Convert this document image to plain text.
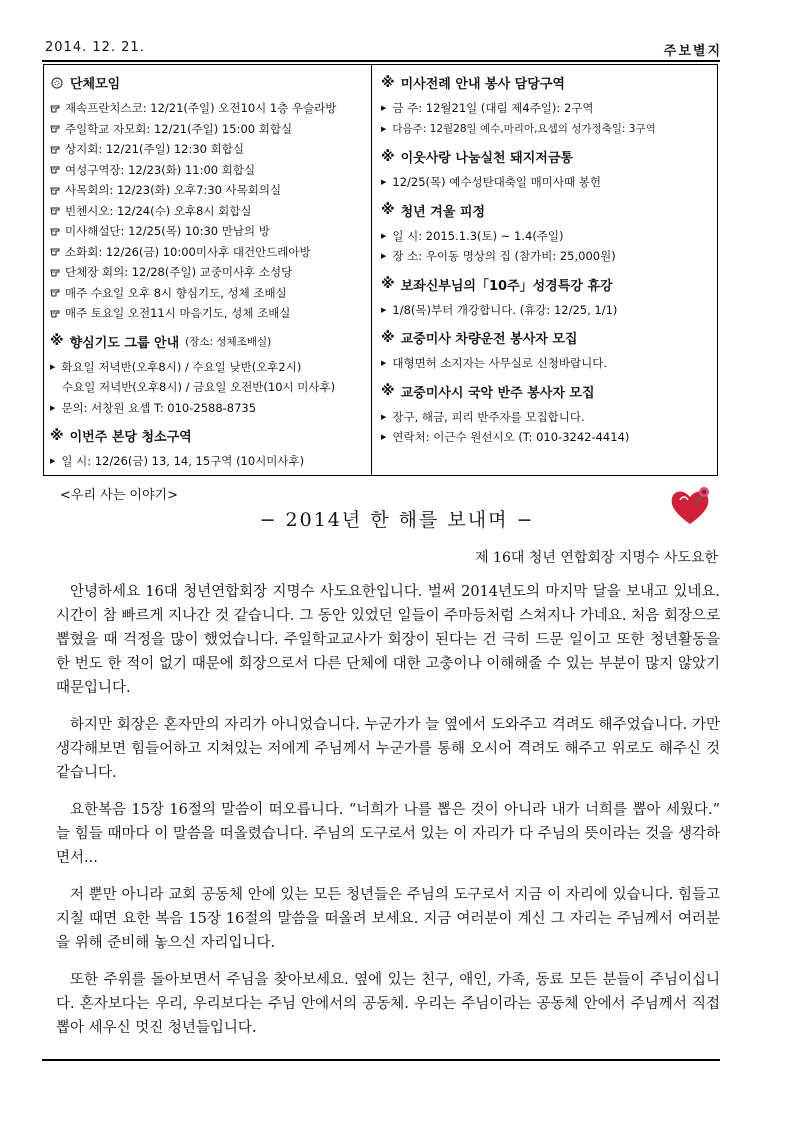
2014. 12. 21.	주보별지
단체모임
재속프란치스코: 12/21(주일) 오전10시 1층 우슬라방
주일학교 자모회: 12/21(주일) 15:00 회합실
상지회: 12/21(주일) 12:30 회합실
여성구역장: 12/23(화) 11:00 회합실
사목회의: 12/23(화) 오후7:30 사목회의실
빈첸시오: 12/24(수) 오후8시 회합실
미사해설단: 12/25(목) 10:30 만남의 방
소화회: 12/26(금) 10:00미사후 대건안드레아방
단체장 회의: 12/28(주일) 교중미사후 소성당
매주 수요일 오후 8시 향심기도, 성체 조배실
매주 토요일 오전11시 마음기도, 성체 조배실
※ 향심기도 그룹 안내 (장소: 성체조배실)
▶ 화요일 저녁반(오후8시) / 수요일 낮반(오후2시)
수요일 저녁반(오후8시) / 금요일 오전반(10시 미사후)
▶ 문의: 서창원 요셉 T: 010-2588-8735
※ 이번주 본당 청소구역
▶ 일 시: 12/26(금) 13, 14, 15구역 (10시미사후)
※ 미사전례 안내 봉사 담당구역
▶ 금 주: 12월21일 (대림 제4주일): 2구역
▶ 다음주: 12월28일 예수,마리아,요셉의 성가정축일: 3구역
※ 이웃사랑 나눔실천 돼지저금통
▶ 12/25(목) 예수성탄대축일 매미사때 봉헌
※ 청년 겨울 피정
▶ 일 시: 2015.1.3(토) ~ 1.4(주일)
▶ 장 소: 우이동 명상의 집 (참가비: 25,000원)
※ 보좌신부님의「10주」성경특강 휴강
▶ 1/8(목)부터 개강합니다. (휴강: 12/25, 1/1)
※ 교중미사 차량운전 봉사자 모집
▶ 대형면허 소지자는 사무실로 신청바랍니다.
※ 교중미사시 국악 반주 봉사자 모집
▶ 장구, 해금, 피리 반주자를 모집합니다.
▶ 연락처: 이근수 원선시오 (T: 010-3242-4414)
<우리 사는 이야기>
− 2014년 한 해를 보내며 −
제 16대 청년 연합회장 지명수 사도요한

안녕하세요 16대 청년연합회장 지명수 사도요한입니다. 벌써 2014년도의 마지막 달을 보내고 있네요. 시간이 참 빠르게 지나간 것 같습니다. 그 동안 있었던 일들이 주마등처럼 스쳐지나 가네요. 처음 회장으로 뽑혔을 때 걱정을 많이 했었습니다. 주일학교교사가 회장이 된다는 건 극히 드문 일이고 또한 청년활동을 한 번도 한 적이 없기 때문에 회장으로서 다른 단체에 대한 고충이나 이해해줄 수 있는 부분이 많지 않았기 때문입니다.

하지만 회장은 혼자만의 자리가 아니었습니다. 누군가가 늘 옆에서 도와주고 격려도 해주었습니다. 가만 생각해보면 힘들어하고 지쳐있는 저에게 주님께서 누군가를 통해 오시어 격려도 해주고 위로도 해주신 것 같습니다.

요한복음 15장 16절의 말씀이 떠오릅니다. “너희가 나를 뽑은 것이 아니라 내가 너희를 뽑아 세웠다.” 늘 힘들 때마다 이 말씀을 떠올렸습니다. 주님의 도구로서 있는 이 자리가 다 주님의 뜻이라는 것을 생각하면서...

저 뿐만 아니라 교회 공동체 안에 있는 모든 청년들은 주님의 도구로서 지금 이 자리에 있습니다. 힘들고 지칠 때면 요한 복음 15장 16절의 말씀을 떠올려 보세요. 지금 여러분이 계신 그 자리는 주님께서 여러분을 위해 준비해 놓으신 자리입니다.

또한 주위를 돌아보면서 주님을 찾아보세요. 옆에 있는 친구, 애인, 가족, 동료 모든 분들이 주님이십니다. 혼자보다는 우리, 우리보다는 주님 안에서의 공동체. 우리는 주님이라는 공동체 안에서 주님께서 직접 뽑아 세우신 멋진 청년들입니다.
